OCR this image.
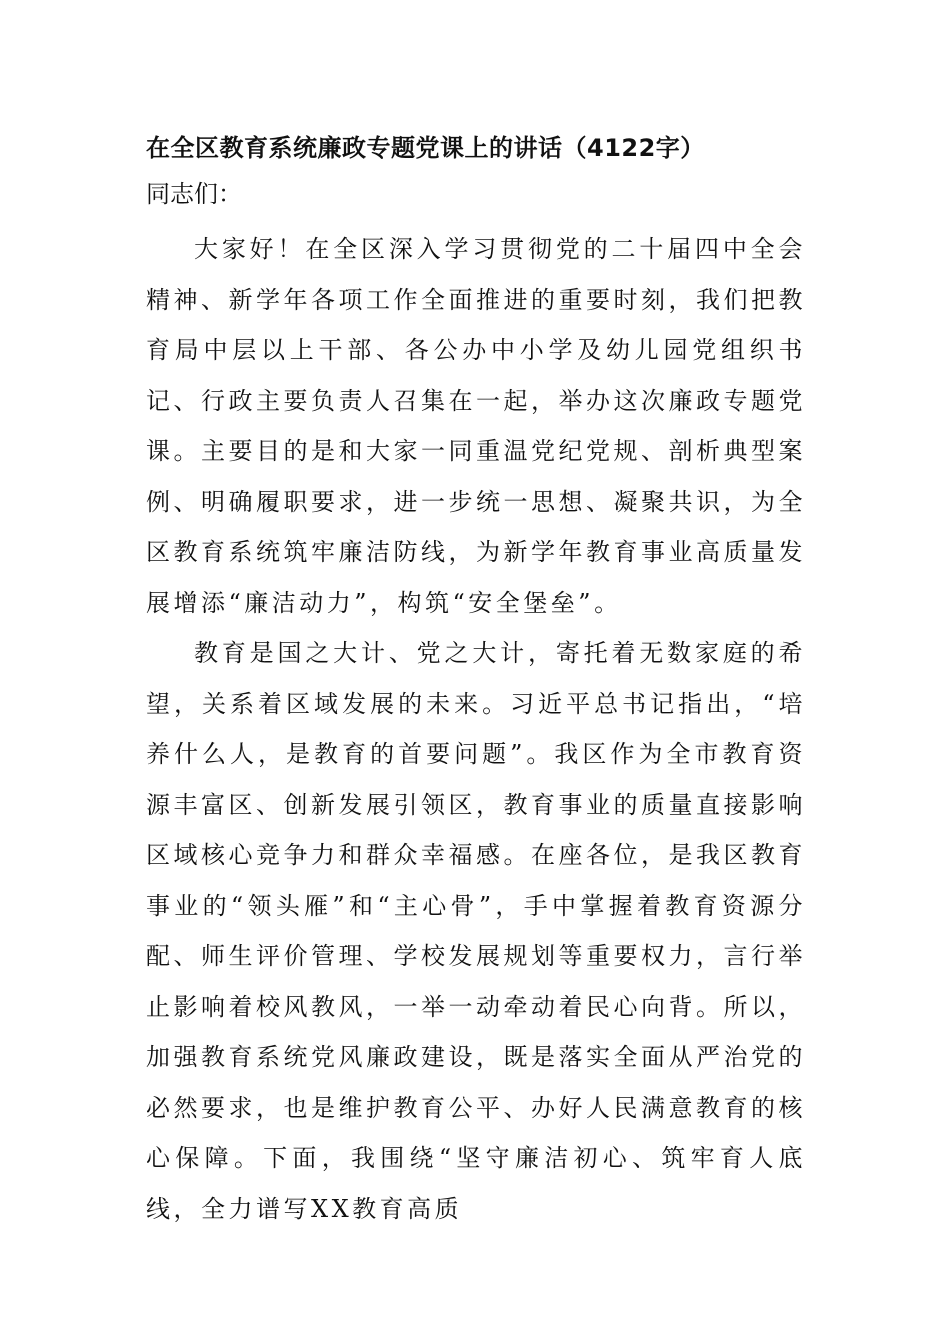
在全区教育系统廉政专题党课上的讲话（4122字）
同志们：

大家好！在全区深入学习贯彻党的二十届四中全会精神、新学年各项工作全面推进的重要时刻，我们把教育局中层以上干部、各公办中小学及幼儿园党组织书记、行政主要负责人召集在一起，举办这次廉政专题党课。主要目的是和大家一同重温党纪党规、剖析典型案例、明确履职要求，进一步统一思想、凝聚共识，为全区教育系统筑牢廉洁防线，为新学年教育事业高质量发展增添“廉洁动力”，构筑“安全堡垒”。

教育是国之大计、党之大计，寄托着无数家庭的希望，关系着区域发展的未来。习近平总书记指出，“培养什么人，是教育的首要问题”。我区作为全市教育资源丰富区、创新发展引领区，教育事业的质量直接影响区域核心竞争力和群众幸福感。在座各位，是我区教育事业的“领头雁”和“主心骨”，手中掌握着教育资源分配、师生评价管理、学校发展规划等重要权力，言行举止影响着校风教风，一举一动牵动着民心向背。所以，加强教育系统党风廉政建设，既是落实全面从严治党的必然要求，也是维护教育公平、办好人民满意教育的核心保障。下面，我围绕“坚守廉洁初心、筑牢育人底线，全力谱写XX教育高质
